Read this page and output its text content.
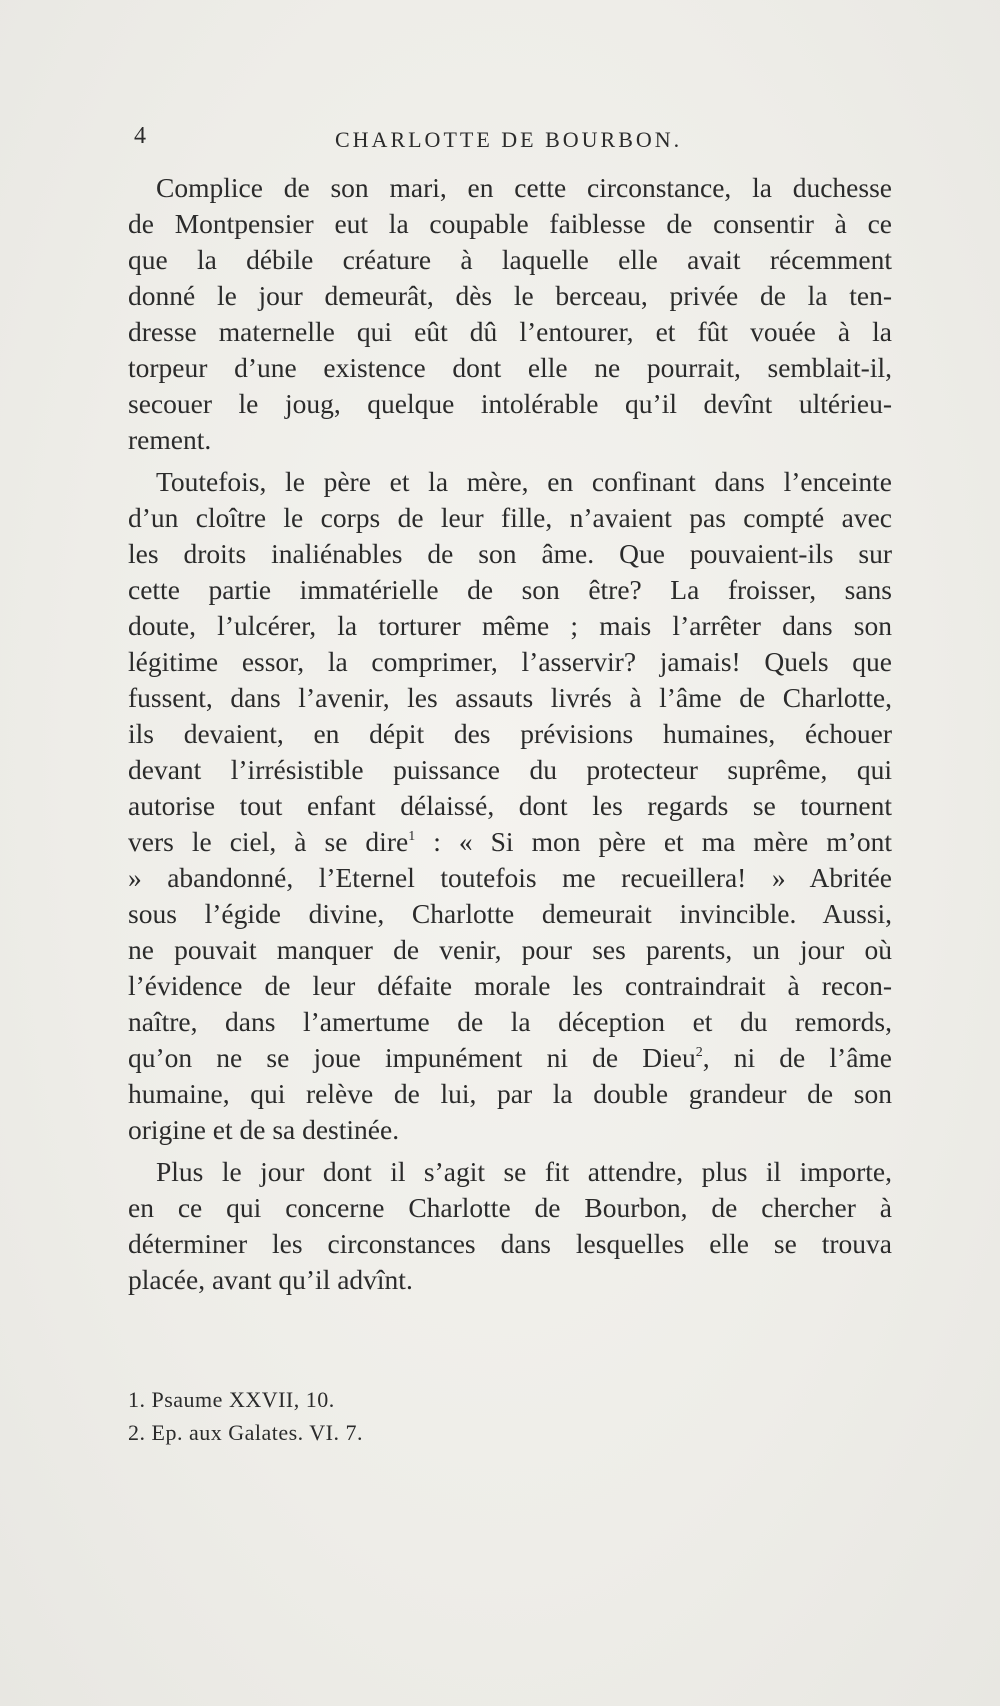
4	CHARLOTTE DE BOURBON.
Complice de son mari, en cette circonstance, la duchesse
de Montpensier eut la coupable faiblesse de consentir à ce
que la débile créature à laquelle elle avait récemment
donné le jour demeurât, dès le berceau, privée de la ten-
dresse maternelle qui eût dû l’entourer, et fût vouée à la
torpeur d’une existence dont elle ne pourrait, semblait-il,
secouer le joug, quelque intolérable qu’il devînt ultérieu-
rement.
Toutefois, le père et la mère, en confinant dans l’enceinte
d’un cloître le corps de leur fille, n’avaient pas compté avec
les droits inaliénables de son âme. Que pouvaient-ils sur
cette partie immatérielle de son être? La froisser, sans
doute, l’ulcérer, la torturer même ; mais l’arrêter dans son
légitime essor, la comprimer, l’asservir? jamais! Quels que
fussent, dans l’avenir, les assauts livrés à l’âme de Charlotte,
ils devaient, en dépit des prévisions humaines, échouer
devant l’irrésistible puissance du protecteur suprême, qui
autorise tout enfant délaissé, dont les regards se tournent
vers le ciel, à se dire$^1$ : « Si mon père et ma mère m’ont
» abandonné, l’Eternel toutefois me recueillera! » Abritée
sous l’égide divine, Charlotte demeurait invincible. Aussi,
ne pouvait manquer de venir, pour ses parents, un jour où
l’évidence de leur défaite morale les contraindrait à recon-
naître, dans l’amertume de la déception et du remords,
qu’on ne se joue impunément ni de Dieu$^2$, ni de l’âme
humaine, qui relève de lui, par la double grandeur de son
origine et de sa destinée.
Plus le jour dont il s’agit se fit attendre, plus il importe,
en ce qui concerne Charlotte de Bourbon, de chercher à
déterminer les circonstances dans lesquelles elle se trouva
placée, avant qu’il advînt.
1. Psaume XXVII, 10.
2. Ep. aux Galates. VI. 7.
